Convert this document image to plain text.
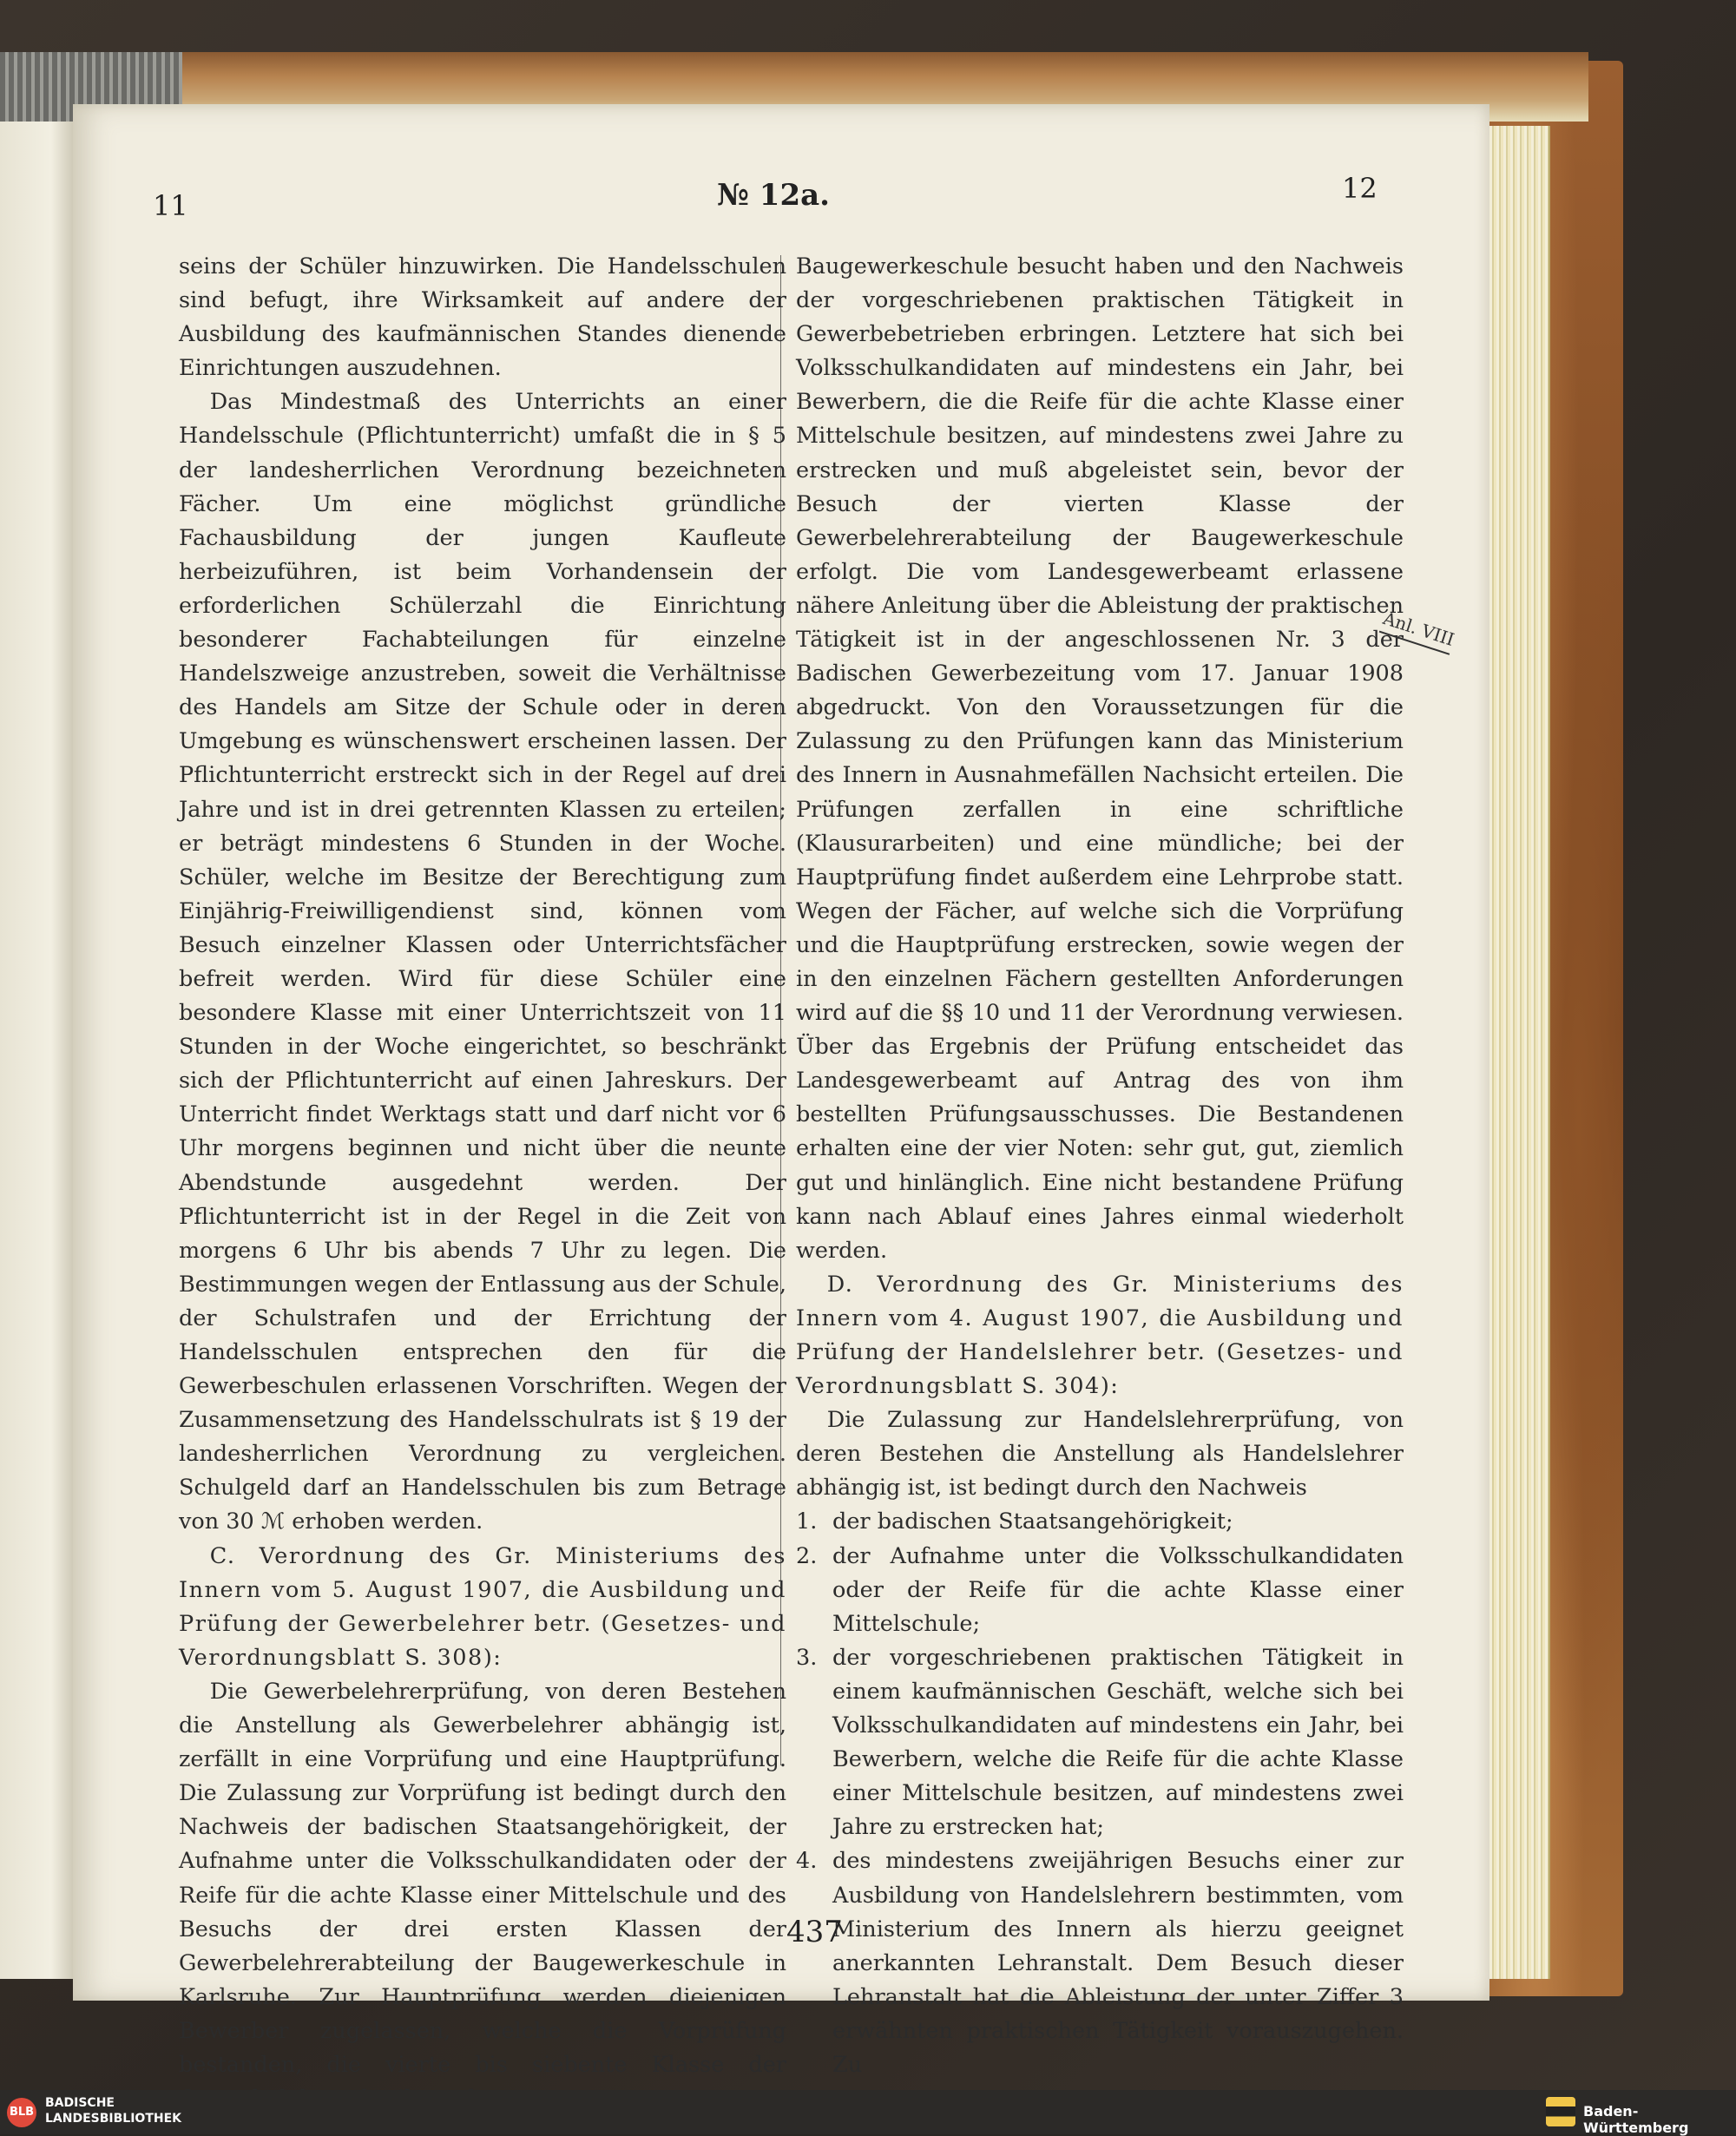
11	№ 12a.	12

seins der Schüler hinzuwirken. Die Handelsschulen sind befugt, ihre Wirksamkeit auf andere der Ausbildung des kaufmännischen Standes dienende Einrichtungen auszudehnen.

Das Mindestmaß des Unterrichts an einer Handelsschule (Pflichtunterricht) umfaßt die in § 5 der landesherrlichen Verordnung bezeichneten Fächer. Um eine möglichst gründliche Fachausbildung der jungen Kaufleute herbeizuführen, ist beim Vorhandensein der erforderlichen Schülerzahl die Einrichtung besonderer Fachabteilungen für einzelne Handelszweige anzustreben, soweit die Verhältnisse des Handels am Sitze der Schule oder in deren Umgebung es wünschenswert erscheinen lassen. Der Pflichtunterricht erstreckt sich in der Regel auf drei Jahre und ist in drei getrennten Klassen zu erteilen; er beträgt mindestens 6 Stunden in der Woche. Schüler, welche im Besitze der Berechtigung zum Einjährig-Freiwilligendienst sind, können vom Besuch einzelner Klassen oder Unterrichtsfächer befreit werden. Wird für diese Schüler eine besondere Klasse mit einer Unterrichtszeit von 11 Stunden in der Woche eingerichtet, so beschränkt sich der Pflichtunterricht auf einen Jahreskurs. Der Unterricht findet Werktags statt und darf nicht vor 6 Uhr morgens beginnen und nicht über die neunte Abendstunde ausgedehnt werden. Der Pflichtunterricht ist in der Regel in die Zeit von morgens 6 Uhr bis abends 7 Uhr zu legen. Die Bestimmungen wegen der Entlassung aus der Schule, der Schulstrafen und der Errichtung der Handelsschulen entsprechen den für die Gewerbeschulen erlassenen Vorschriften. Wegen der Zusammensetzung des Handelsschulrats ist § 19 der landesherrlichen Verordnung zu vergleichen. Schulgeld darf an Handelsschulen bis zum Betrage von 30 ℳ erhoben werden.

C. Verordnung des Gr. Ministeriums des Innern vom 5. August 1907, die Ausbildung und Prüfung der Gewerbelehrer betr. (Gesetzes- und Verordnungsblatt S. 308):

Die Gewerbelehrerprüfung, von deren Bestehen die Anstellung als Gewerbelehrer abhängig ist, zerfällt in eine Vorprüfung und eine Hauptprüfung. Die Zulassung zur Vorprüfung ist bedingt durch den Nachweis der badischen Staatsangehörigkeit, der Aufnahme unter die Volksschulkandidaten oder der Reife für die achte Klasse einer Mittelschule und des Besuchs der drei ersten Klassen der Gewerbelehrerabteilung der Baugewerkeschule in Karlsruhe. Zur Hauptprüfung werden diejenigen Bewerber zugelassen, welche die Vorprüfung bestanden, die vierte bis siebente Klasse der

Baugewerkeschule besucht haben und den Nachweis der vorgeschriebenen praktischen Tätigkeit in Gewerbebetrieben erbringen. Letztere hat sich bei Volksschulkandidaten auf mindestens ein Jahr, bei Bewerbern, die die Reife für die achte Klasse einer Mittelschule besitzen, auf mindestens zwei Jahre zu erstrecken und muß abgeleistet sein, bevor der Besuch der vierten Klasse der Gewerbelehrerabteilung der Baugewerkeschule erfolgt. Die vom Landesgewerbeamt erlassene nähere Anleitung über die Ableistung der praktischen Tätigkeit ist in der angeschlossenen Nr. 3 der Badischen Gewerbezeitung vom 17. Januar 1908 abgedruckt. Von den Voraussetzungen für die Zulassung zu den Prüfungen kann das Ministerium des Innern in Ausnahmefällen Nachsicht erteilen. Die Prüfungen zerfallen in eine schriftliche (Klausurarbeiten) und eine mündliche; bei der Hauptprüfung findet außerdem eine Lehrprobe statt. Wegen der Fächer, auf welche sich die Vorprüfung und die Hauptprüfung erstrecken, sowie wegen der in den einzelnen Fächern gestellten Anforderungen wird auf die §§ 10 und 11 der Verordnung verwiesen. Über das Ergebnis der Prüfung entscheidet das Landesgewerbeamt auf Antrag des von ihm bestellten Prüfungsausschusses. Die Bestandenen erhalten eine der vier Noten: sehr gut, gut, ziemlich gut und hinlänglich. Eine nicht bestandene Prüfung kann nach Ablauf eines Jahres einmal wiederholt werden.

D. Verordnung des Gr. Ministeriums des Innern vom 4. August 1907, die Ausbildung und Prüfung der Handelslehrer betr. (Gesetzes- und Verordnungsblatt S. 304):

Die Zulassung zur Handelslehrerprüfung, von deren Bestehen die Anstellung als Handelslehrer abhängig ist, ist bedingt durch den Nachweis

1. der badischen Staatsangehörigkeit;
2. der Aufnahme unter die Volksschulkandidaten oder der Reife für die achte Klasse einer Mittelschule;
3. der vorgeschriebenen praktischen Tätigkeit in einem kaufmännischen Geschäft, welche sich bei Volksschulkandidaten auf mindestens ein Jahr, bei Bewerbern, welche die Reife für die achte Klasse einer Mittelschule besitzen, auf mindestens zwei Jahre zu erstrecken hat;
4. des mindestens zweijährigen Besuchs einer zur Ausbildung von Handelslehrern bestimmten, vom Ministerium des Innern als hierzu geeignet anerkannten Lehranstalt. Dem Besuch dieser Lehranstalt hat die Ableistung der unter Ziffer 3 erwähnten praktischen Tätigkeit vorauszugehen. Zu
Anl. VIII
437
BLB
BADISCHE
LANDESBIBLIOTHEK	Baden-Württemberg
